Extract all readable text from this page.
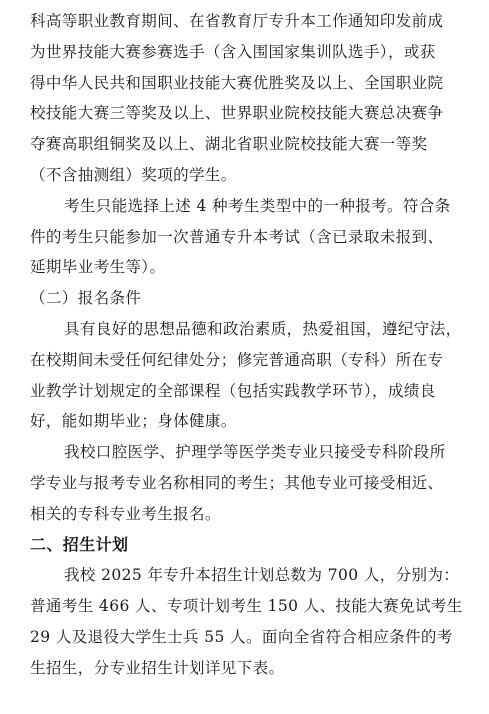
科高等职业教育期间、在省教育厅专升本工作通知印发前成
为世界技能大赛参赛选手（含入围国家集训队选手），或获
得中华人民共和国职业技能大赛优胜奖及以上、全国职业院
校技能大赛三等奖及以上、世界职业院校技能大赛总决赛争
夺赛高职组铜奖及以上、湖北省职业院校技能大赛一等奖
（不含抽测组）奖项的学生。
考生只能选择上述 4 种考生类型中的一种报考。符合条
件的考生只能参加一次普通专升本考试（含已录取未报到、
延期毕业考生等）。
（二）报名条件
具有良好的思想品德和政治素质，热爱祖国，遵纪守法，
在校期间未受任何纪律处分；修完普通高职（专科）所在专
业教学计划规定的全部课程（包括实践教学环节），成绩良
好，能如期毕业；身体健康。
我校口腔医学、护理学等医学类专业只接受专科阶段所
学专业与报考专业名称相同的考生；其他专业可接受相近、
相关的专科专业考生报名。
二、招生计划
我校 2025 年专升本招生计划总数为 700 人，分别为：
普通考生 466 人、专项计划考生 150 人、技能大赛免试考生
29 人及退役大学生士兵 55 人。面向全省符合相应条件的考
生招生，分专业招生计划详见下表。
